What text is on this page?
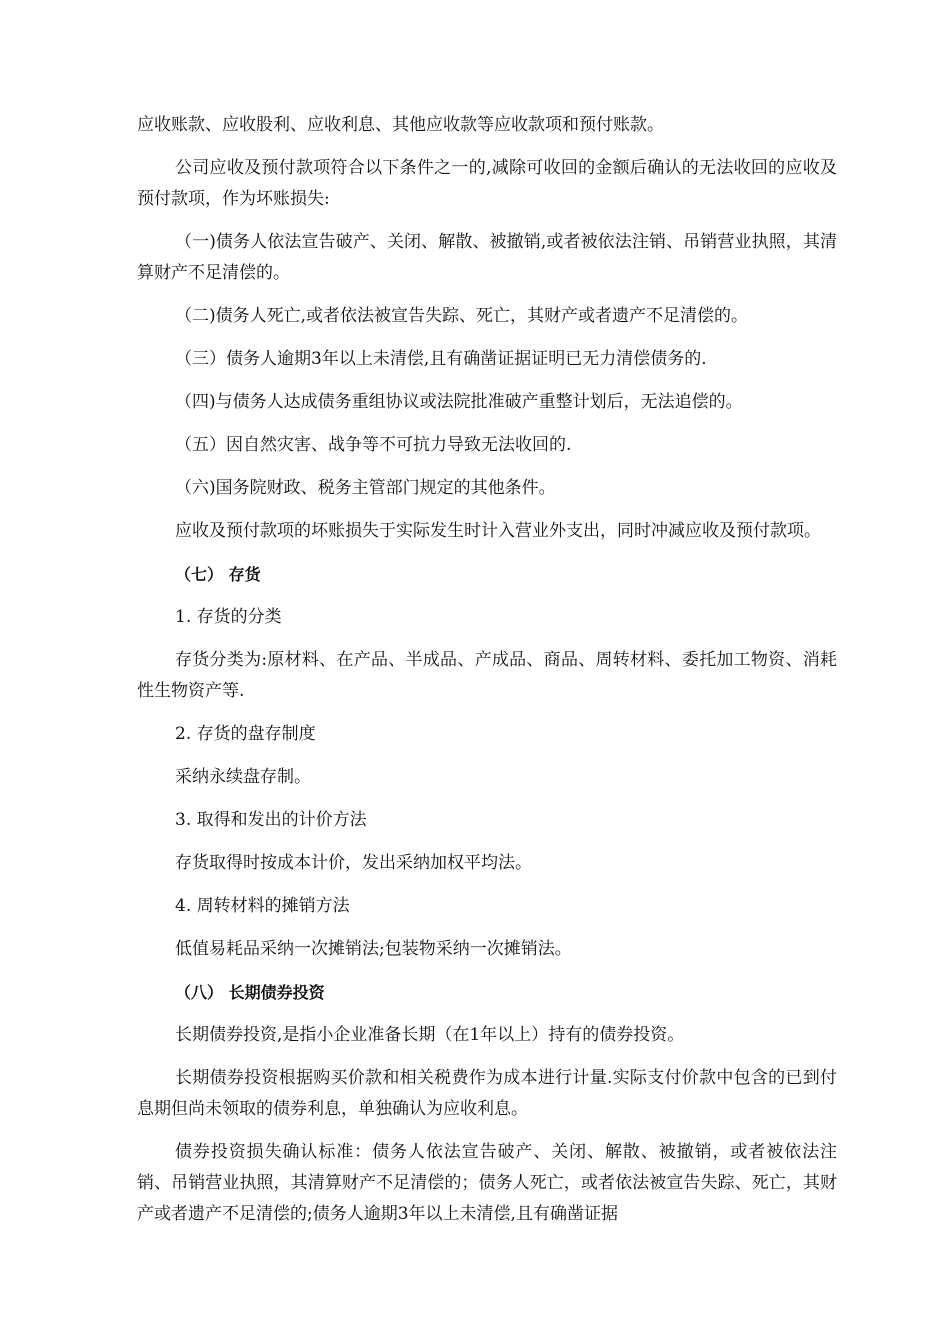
应收账款、应收股利、应收利息、其他应收款等应收款项和预付账款。

公司应收及预付款项符合以下条件之一的,减除可收回的金额后确认的无法收回的应收及预付款项，作为坏账损失:

（一)债务人依法宣告破产、关闭、解散、被撤销,或者被依法注销、吊销营业执照，其清算财产不足清偿的。

（二)债务人死亡,或者依法被宣告失踪、死亡，其财产或者遗产不足清偿的。

（三）债务人逾期3年以上未清偿,且有确凿证据证明已无力清偿债务的.

（四)与债务人达成债务重组协议或法院批准破产重整计划后，无法追偿的。

（五）因自然灾害、战争等不可抗力导致无法收回的.

（六)国务院财政、税务主管部门规定的其他条件。

应收及预付款项的坏账损失于实际发生时计入营业外支出，同时冲减应收及预付款项。

（七） 存货

1. 存货的分类

存货分类为:原材料、在产品、半成品、产成品、商品、周转材料、委托加工物资、消耗性生物资产等.

2. 存货的盘存制度

采纳永续盘存制。

3. 取得和发出的计价方法

存货取得时按成本计价，发出采纳加权平均法。

4. 周转材料的摊销方法

低值易耗品采纳一次摊销法;包装物采纳一次摊销法。

（八） 长期债券投资

长期债券投资,是指小企业准备长期（在1年以上）持有的债券投资。

长期债券投资根据购买价款和相关税费作为成本进行计量.实际支付价款中包含的已到付息期但尚未领取的债券利息，单独确认为应收利息。

债券投资损失确认标准：债务人依法宣告破产、关闭、解散、被撤销，或者被依法注销、吊销营业执照，其清算财产不足清偿的；债务人死亡，或者依法被宣告失踪、死亡，其财产或者遗产不足清偿的;债务人逾期3年以上未清偿,且有确凿证据
